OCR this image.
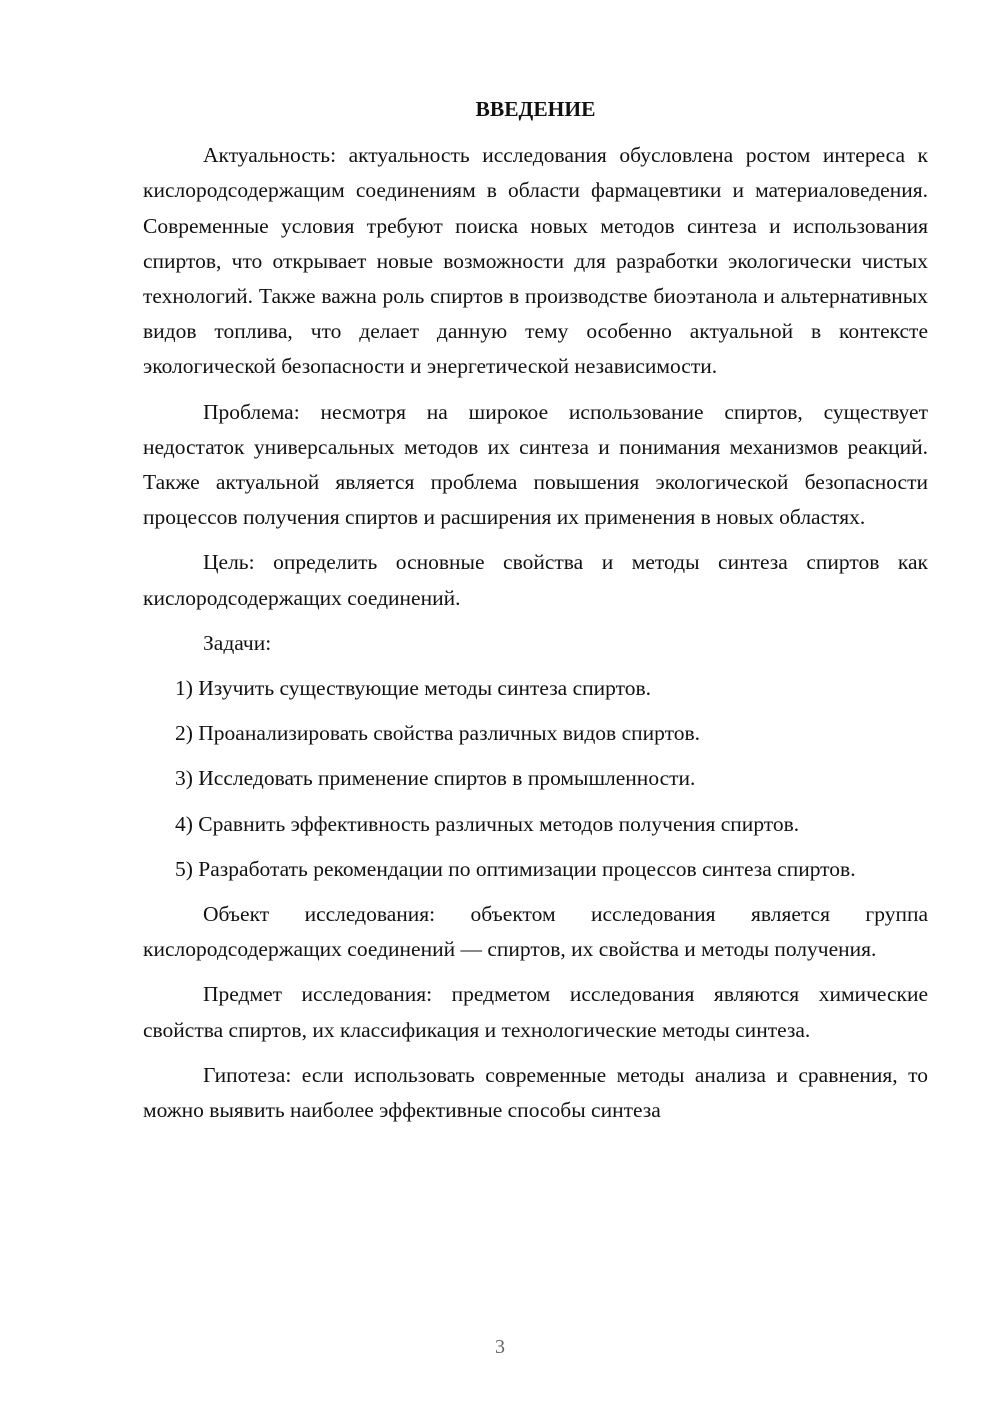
ВВЕДЕНИЕ

Актуальность: актуальность исследования обусловлена ростом интереса к кислородсодержащим соединениям в области фармацевтики и материаловедения. Современные условия требуют поиска новых методов синтеза и использования спиртов, что открывает новые возможности для разработки экологически чистых технологий. Также важна роль спиртов в производстве биоэтанола и альтернативных видов топлива, что делает данную тему особенно актуальной в контексте экологической безопасности и энергетической независимости.

Проблема: несмотря на широкое использование спиртов, существует недостаток универсальных методов их синтеза и понимания механизмов реакций. Также актуальной является проблема повышения экологической безопасности процессов получения спиртов и расширения их применения в новых областях.

Цель: определить основные свойства и методы синтеза спиртов как кислородсодержащих соединений.

Задачи:

1) Изучить существующие методы синтеза спиртов.

2) Проанализировать свойства различных видов спиртов.

3) Исследовать применение спиртов в промышленности.

4) Сравнить эффективность различных методов получения спиртов.

5) Разработать рекомендации по оптимизации процессов синтеза спиртов.

Объект исследования: объектом исследования является группа кислородсодержащих соединений — спиртов, их свойства и методы получения.

Предмет исследования: предметом исследования являются химические свойства спиртов, их классификация и технологические методы синтеза.

Гипотеза: если использовать современные методы анализа и сравнения, то можно выявить наиболее эффективные способы синтеза

3
